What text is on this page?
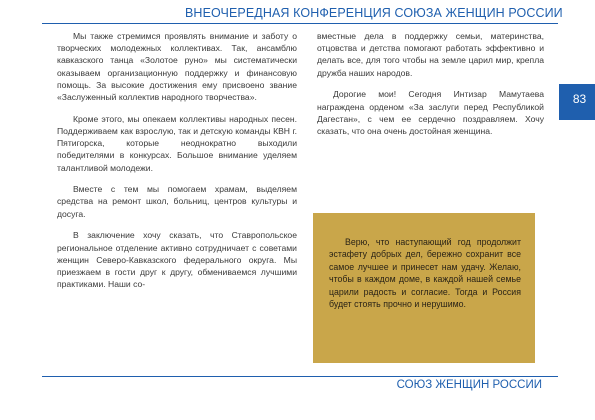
ВНЕОЧЕРЕДНАЯ КОНФЕРЕНЦИЯ СОЮЗА ЖЕНЩИН РОССИИ
83

Мы также стремимся проявлять внимание и заботу о творческих молодежных коллективах. Так, ансамблю кавказского танца «Золотое руно» мы систематически оказываем организационную поддержку и финансовую помощь. За высокие достижения ему присвоено звание «Заслуженный коллектив народного творчества».

Кроме этого, мы опекаем коллективы народных песен. Поддерживаем как взрослую, так и детскую команды КВН г. Пятигорска, которые неоднократно выходили победителями в конкурсах. Большое внимание уделяем талантливой молодежи.

Вместе с тем мы помогаем храмам, выделяем средства на ремонт школ, больниц, центров культуры и досуга.

В заключение хочу сказать, что Ставропольское региональное отделение активно сотрудничает с советами женщин Северо-Кавказского федерального округа. Мы приезжаем в гости друг к другу, обмениваемся лучшими практиками. Наши со-

вместные дела в поддержку семьи, материнства, отцовства и детства помогают работать эффективно и делать все, для того чтобы на земле царил мир, крепла дружба наших народов.

Дорогие мои! Сегодня Интизар Мамутаева награждена орденом «За заслуги перед Республикой Дагестан», с чем ее сердечно поздравляем. Хочу сказать, что она очень достойная женщина.

Верю, что наступающий год продолжит эстафету добрых дел, бережно сохранит все самое лучшее и принесет нам удачу. Желаю, чтобы в каждом доме, в каждой нашей семье царили радость и согласие. Тогда и Россия будет стоять прочно и нерушимо.
СОЮЗ ЖЕНЩИН РОССИИ
